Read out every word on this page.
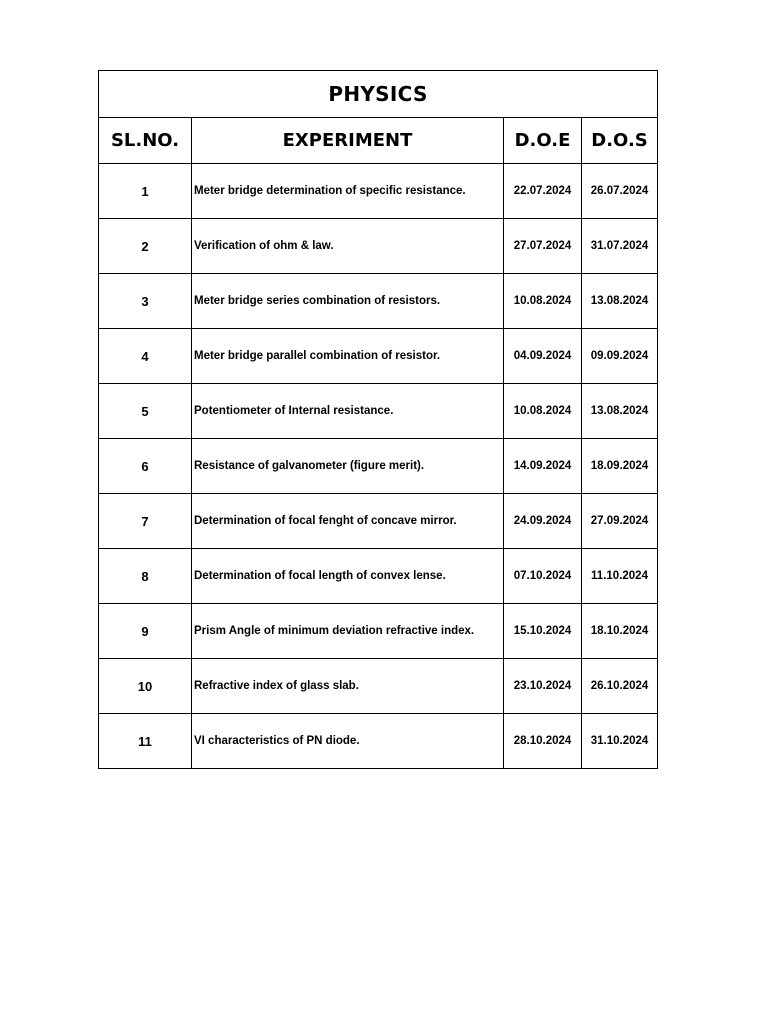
PHYSICS			
SL.NO.	EXPERIMENT	D.O.E	D.O.S
1	Meter bridge determination of specific resistance.	22.07.2024	26.07.2024
2	Verification of ohm & law.	27.07.2024	31.07.2024
3	Meter bridge series combination of resistors.	10.08.2024	13.08.2024
4	Meter bridge parallel combination of resistor.	04.09.2024	09.09.2024
5	Potentiometer of Internal resistance.	10.08.2024	13.08.2024
6	Resistance of galvanometer (figure merit).	14.09.2024	18.09.2024
7	Determination of focal fenght of concave mirror.	24.09.2024	27.09.2024
8	Determination of focal length of convex lense.	07.10.2024	11.10.2024
9	Prism Angle of minimum deviation refractive index.	15.10.2024	18.10.2024
10	Refractive index of glass slab.	23.10.2024	26.10.2024
11	VI characteristics of PN diode.	28.10.2024	31.10.2024
